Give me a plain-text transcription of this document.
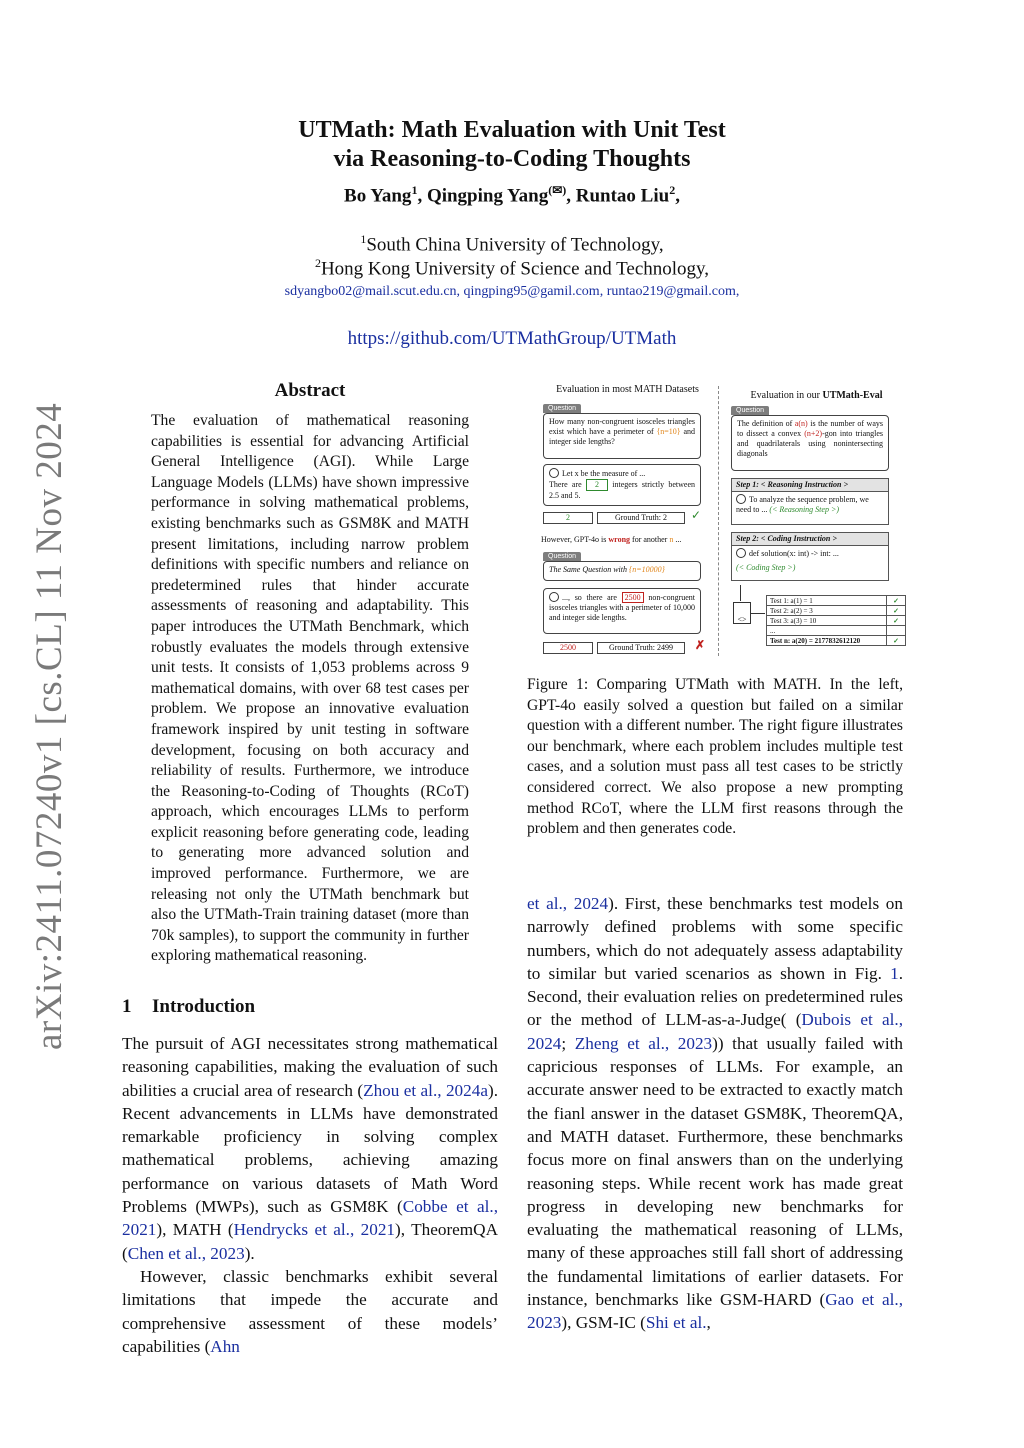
arXiv:2411.07240v1 [cs.CL] 11 Nov 2024
UTMath: Math Evaluation with Unit Test
via Reasoning-to-Coding Thoughts
Bo Yang$^1$, Qingping Yang(✉), Runtao Liu$^2$,
$^1$South China University of Technology,
$^2$Hong Kong University of Science and Technology,
sdyangbo02@mail.scut.edu.cn, qingping95@gamil.com, runtao219@gmail.com,
https://github.com/UTMathGroup/UTMath
Abstract
The evaluation of mathematical reasoning capabilities is essential for advancing Artificial General Intelligence (AGI). While Large Language Models (LLMs) have shown impressive performance in solving mathematical problems, existing benchmarks such as GSM8K and MATH present limitations, including narrow problem definitions with specific numbers and reliance on predetermined rules that hinder accurate assessments of reasoning and adaptability. This paper introduces the UTMath Benchmark, which robustly evaluates the models through extensive unit tests. It consists of 1,053 problems across 9 mathematical domains, with over 68 test cases per problem. We propose an innovative evaluation framework inspired by unit testing in software development, focusing on both accuracy and reliability of results. Furthermore, we introduce the Reasoning-to-Coding of Thoughts (RCoT) approach, which encourages LLMs to perform explicit reasoning before generating code, leading to generating more advanced solution and improved performance. Furthermore, we are releasing not only the UTMath benchmark but also the UTMath-Train training dataset (more than 70k samples), to support the community in further exploring mathematical reasoning.
1 Introduction

The pursuit of AGI necessitates strong mathematical reasoning capabilities, making the evaluation of such abilities a crucial area of research (Zhou et al., 2024a). Recent advancements in LLMs have demonstrated remarkable proficiency in solving complex mathematical problems, achieving amazing performance on various datasets of Math Word Problems (MWPs), such as GSM8K (Cobbe et al., 2021), MATH (Hendrycks et al., 2021), TheoremQA (Chen et al., 2023).

However, classic benchmarks exhibit several limitations that impede the accurate and comprehensive assessment of these models’ capabilities (Ahn

et al., 2024). First, these benchmarks test models on narrowly defined problems with some specific numbers, which do not adequately assess adaptability to similar but varied scenarios as shown in Fig. 1. Second, their evaluation relies on predetermined rules or the method of LLM-as-a-Judge( (Dubois et al., 2024; Zheng et al., 2023)) that usually failed with capricious responses of LLMs. For example, an accurate answer need to be extracted to exactly match the fianl answer in the dataset GSM8K, TheoremQA, and MATH dataset. Furthermore, these benchmarks focus more on final answers than on the underlying reasoning steps. While recent work has made great progress in developing new benchmarks for evaluating the mathematical reasoning of LLMs, many of these approaches still fall short of addressing the fundamental limitations of earlier datasets. For instance, benchmarks like GSM-HARD (Gao et al., 2023), GSM-IC (Shi et al.,

Figure 1: Comparing UTMath with MATH. In the left, GPT-4o easily solved a question but failed on a similar question with a different number. The right figure illustrates our benchmark, where each problem includes multiple test cases, and a solution must pass all test cases to be strictly considered correct. We also propose a new prompting method RCoT, where the LLM first reasons through the problem and then generates code.
Evaluation in most MATH Datasets
Question
How many non-congruent isosceles triangles exist which have a perimeter of {n=10} and integer side lengths?
Let x be the measure of ...
There are 2 integers strictly between 2.5 and 5.
2	Ground Truth: 2	✓
However, GPT-4o is wrong for another n ...
Question
The Same Question with {n=10000}
..., so there are 2500 non-congruent isosceles triangles with a perimeter of 10,000 and integer side lengths.
2500	Ground Truth: 2499	✗
Evaluation in our UTMath-Eval
Question
The definition of a(n) is the number of ways to dissect a convex (n+2)-gon into triangles and quadrilaterals using nonintersecting diagonals
Step 1: < Reasoning Instruction >
To analyze the sequence problem, we need to ... (< Reasoning Step >)
Step 2: < Coding Instruction >
def solution(x: int) -> int: ...
(< Coding Step >)
<>
Test 1: a(1) = 1	✓
Test 2: a(2) = 3	✓
Test 3: a(3) = 10	✓
...	
Test n: a(20) = 2177832612120	✓
